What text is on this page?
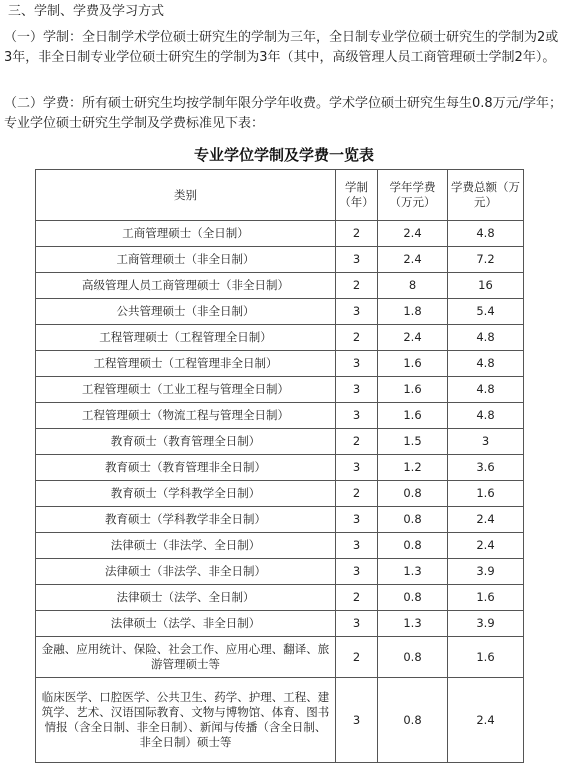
三、学制、学费及学习方式
（一）学制：全日制学术学位硕士研究生的学制为三年，全日制专业学位硕士研究生的学制为2或3年，非全日制专业学位硕士研究生的学制为3年（其中，高级管理人员工商管理硕士学制2年）。
（二）学费：所有硕士研究生均按学制年限分学年收费。学术学位硕士研究生每生0.8万元/学年；专业学位硕士研究生学制及学费标准见下表：
专业学位学制及学费一览表
类别	学制（年）	学年学费（万元）	学费总额（万元）
工商管理硕士（全日制）	2	2.4	4.8
工商管理硕士（非全日制）	3	2.4	7.2
高级管理人员工商管理硕士（非全日制）	2	8	16
公共管理硕士（非全日制）	3	1.8	5.4
工程管理硕士（工程管理全日制）	2	2.4	4.8
工程管理硕士（工程管理非全日制）	3	1.6	4.8
工程管理硕士（工业工程与管理全日制）	3	1.6	4.8
工程管理硕士（物流工程与管理全日制）	3	1.6	4.8
教育硕士（教育管理全日制）	2	1.5	3
教育硕士（教育管理非全日制）	3	1.2	3.6
教育硕士（学科教学全日制）	2	0.8	1.6
教育硕士（学科教学非全日制）	3	0.8	2.4
法律硕士（非法学、全日制）	3	0.8	2.4
法律硕士（非法学、非全日制）	3	1.3	3.9
法律硕士（法学、全日制）	2	0.8	1.6
法律硕士（法学、非全日制）	3	1.3	3.9
金融、应用统计、保险、社会工作、应用心理、翻译、旅游管理硕士等	2	0.8	1.6
临床医学、口腔医学、公共卫生、药学、护理、工程、建筑学、艺术、汉语国际教育、文物与博物馆、体育、图书情报（含全日制、非全日制）、新闻与传播（含全日制、非全日制）硕士等	3	0.8	2.4
